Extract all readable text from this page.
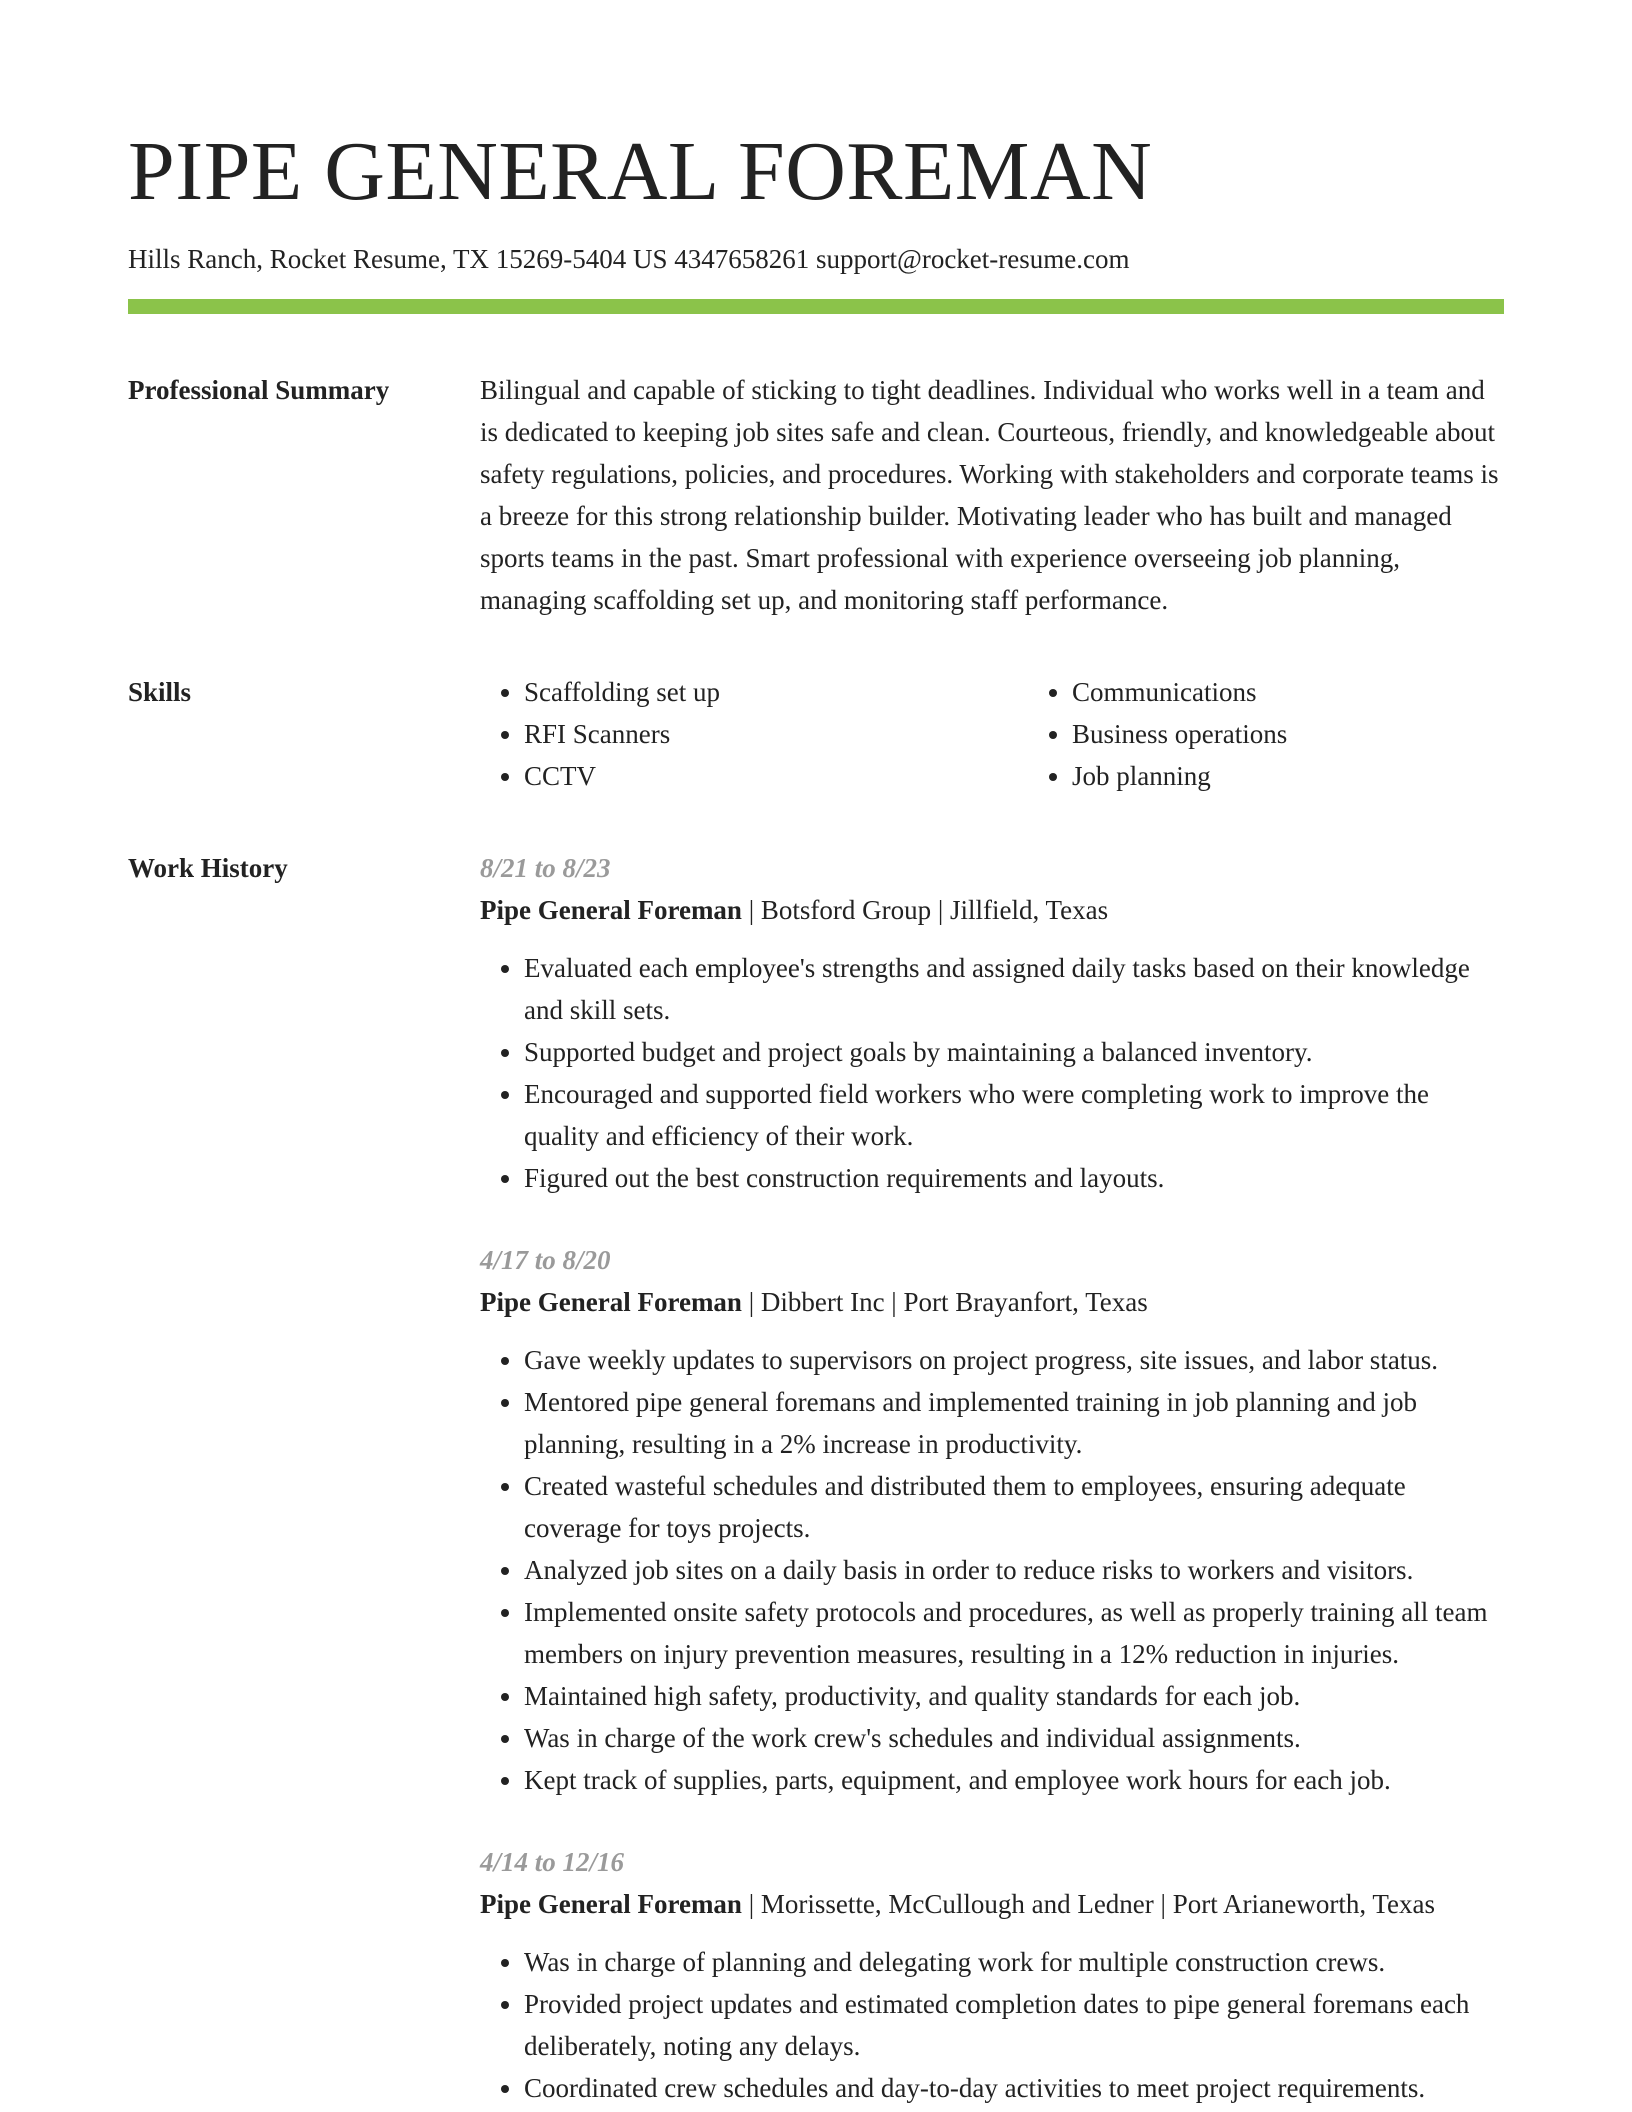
PIPE GENERAL FOREMAN
Hills Ranch, Rocket Resume, TX 15269-5404 US 4347658261 support@rocket-resume.com
Professional Summary	Bilingual and capable of sticking to tight deadlines. Individual who works well in a team and is dedicated to keeping job sites safe and clean. Courteous, friendly, and knowledgeable about safety regulations, policies, and procedures. Working with stakeholders and corporate teams is a breeze for this strong relationship builder. Motivating leader who has built and managed sports teams in the past. Smart professional with experience overseeing job planning, managing scaffolding set up, and monitoring staff performance.

Skills
•	Scaffolding set up
• RFI Scanners
• CCTV
• Communications
• Business operations
• Job planning
Work History	8/21 to 8/23
Pipe General Foreman | Botsford Group | Jillfield, Texas
• Evaluated each employee's strengths and assigned daily tasks based on their knowledge and skill sets.
• Supported budget and project goals by maintaining a balanced inventory.
• Encouraged and supported field workers who were completing work to improve the quality and efficiency of their work.
• Figured out the best construction requirements and layouts.
4/17 to 8/20
Pipe General Foreman | Dibbert Inc | Port Brayanfort, Texas
• Gave weekly updates to supervisors on project progress, site issues, and labor status.
• Mentored pipe general foremans and implemented training in job planning and job planning, resulting in a 2% increase in productivity.
• Created wasteful schedules and distributed them to employees, ensuring adequate coverage for toys projects.
• Analyzed job sites on a daily basis in order to reduce risks to workers and visitors.
• Implemented onsite safety protocols and procedures, as well as properly training all team members on injury prevention measures, resulting in a 12% reduction in injuries.
• Maintained high safety, productivity, and quality standards for each job.
• Was in charge of the work crew's schedules and individual assignments.
• Kept track of supplies, parts, equipment, and employee work hours for each job.
4/14 to 12/16
Pipe General Foreman | Morissette, McCullough and Ledner | Port Arianeworth, Texas
• Was in charge of planning and delegating work for multiple construction crews.
• Provided project updates and estimated completion dates to pipe general foremans each deliberately, noting any delays.
• Coordinated crew schedules and day-to-day activities to meet project requirements.
